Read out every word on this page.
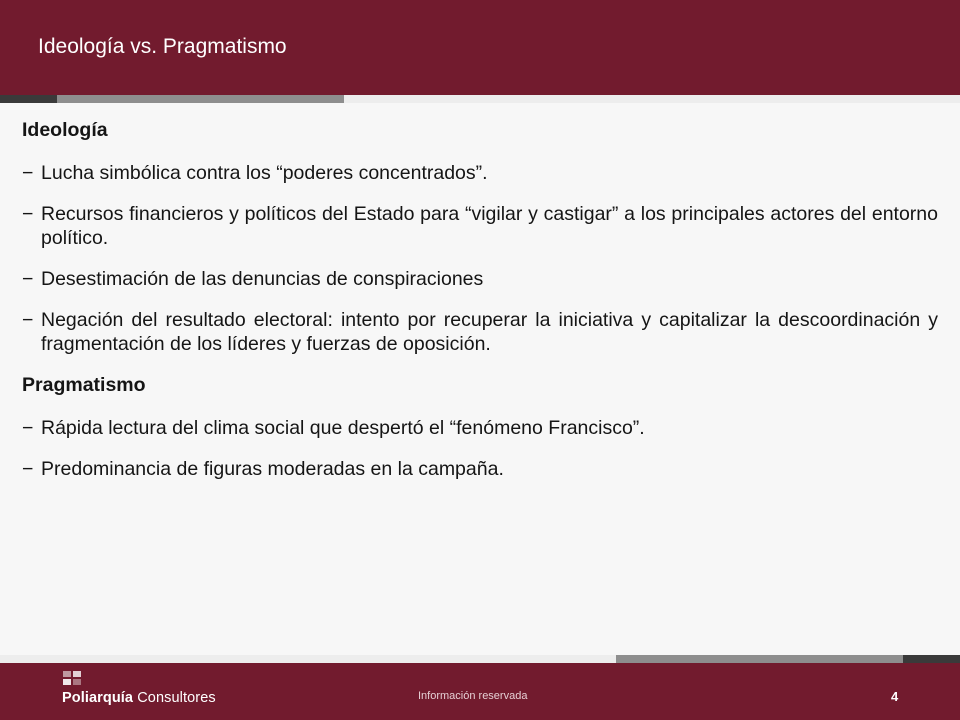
Ideología vs. Pragmatismo
Ideología
− Lucha simbólica contra los “poderes concentrados”.
− Recursos financieros y políticos del Estado para “vigilar y castigar” a los principales actores del entorno político.
− Desestimación de las denuncias de conspiraciones
− Negación del resultado electoral: intento por recuperar la iniciativa y capitalizar la descoordinación y fragmentación de los líderes y fuerzas de oposición.
Pragmatismo
− Rápida lectura del clima social que despertó el “fenómeno Francisco”.
− Predominancia de figuras moderadas en la campaña.
Poliarquía Consultores	Información reservada	4
